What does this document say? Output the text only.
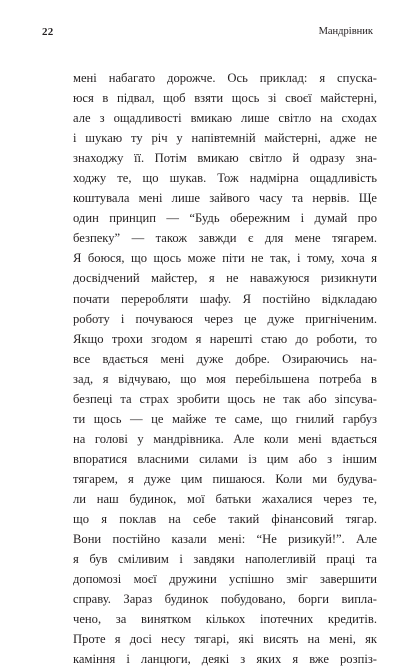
22	Мандрівник
мені набагато дорожче. Ось приклад: я спуска-
юся в підвал, щоб взяти щось зі своєї майстерні,
але з ощадливості вмикаю лише світло на сходах
і шукаю ту річ у напівтемній майстерні, адже не
знаходжу її. Потім вмикаю світло й одразу зна-
ходжу те, що шукав. Тож надмірна ощадливість
коштувала мені лише зайвого часу та нервів. Ще
один принцип — “Будь обережним і думай про
безпеку” — також завжди є для мене тягарем.
Я боюся, що щось може піти не так, і тому, хоча я
досвідчений майстер, я не наважуюся ризикнути
почати переробляти шафу. Я постійно відкладаю
роботу і почуваюся через це дуже пригніченим.
Якщо трохи згодом я нарешті стаю до роботи, то
все вдається мені дуже добре. Озираючись на-
зад, я відчуваю, що моя перебільшена потреба в
безпеці та страх зробити щось не так або зіпсува-
ти щось — це майже те саме, що гнилий гарбуз
на голові у мандрівника. Але коли мені вдається
впоратися власними силами із цим або з іншим
тягарем, я дуже цим пишаюся. Коли ми будува-
ли наш будинок, мої батьки жахалися через те,
що я поклав на себе такий фінансовий тягар.
Вони постійно казали мені: “Не ризикуй!”. Але
я був сміливим і завдяки наполегливій праці та
допомозі моєї дружини успішно зміг завершити
справу. Зараз будинок побудовано, борги випла-
чено, за винятком кількох іпотечних кредитів.
Проте я досі несу тягарі, які висять на мені, як
каміння і ланцюги, деякі з яких я вже розпіз-
